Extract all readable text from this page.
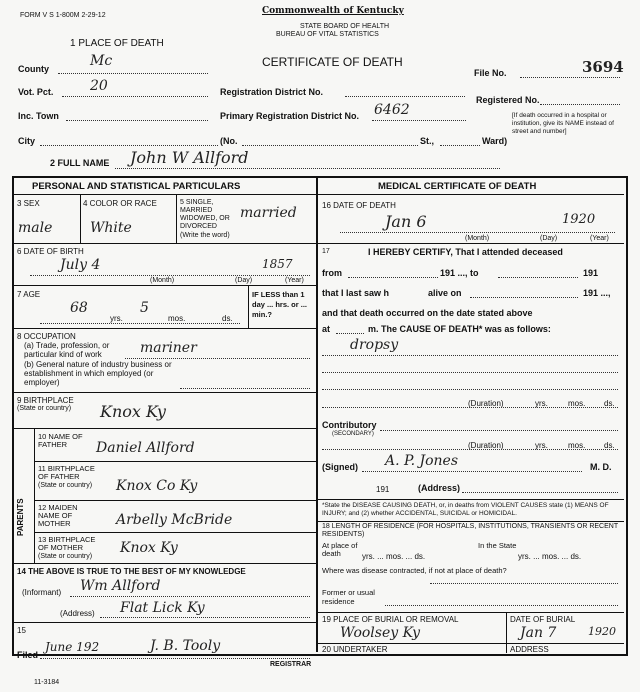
FORM V S 1-800M 2-29-12	Commonwealth of Kentucky
STATE BOARD OF HEALTH
BUREAU OF VITAL STATISTICS
1 PLACE OF DEATH
CERTIFICATE OF DEATH
County	Mc
Vot. Pct.	20	Registration District No.
Inc. Town	Primary Registration District No. 6462
City	(No.	St.,	Ward)
File No.	3694
Registered No.
[If death occurred in a hospital or institution, give its NAME instead of street and number]
2 FULL NAME John W Allford
PERSONAL AND STATISTICAL PARTICULARS	MEDICAL CERTIFICATE OF DEATH
3 SEX
male
4 COLOR OR RACE
White
5 SINGLE, MARRIED WIDOWED, OR DIVORCED
(Write the word)
married
6 DATE OF BIRTH
July 4	1857
(Month)	(Day)	(Year)
7 AGE
68
yrs.
5
mos.	ds.
IF LESS than 1 day ... hrs. or ... min.?
8 OCCUPATION
(a) Trade, profession, or particular kind of work	mariner
(b) General nature of industry business or establishment in which employed (or employer)
9 BIRTHPLACE
(State or country) Knox Ky
PARENTS
10 NAME OF FATHER	Daniel Allford
11 BIRTHPLACE OF FATHER
(State or country) Knox Co Ky
12 MAIDEN NAME OF MOTHER	Arbelly McBride
13 BIRTHPLACE OF MOTHER
(State or country)
Knox Ky
14 THE ABOVE IS TRUE TO THE BEST OF MY KNOWLEDGE
(Informant) Wm Allford
(Address) Flat Lick Ky
15
Filed
June 192	J. B. Tooly
REGISTRAR
11-3184
16 DATE OF DEATH
Jan 6	1920
(Month)	(Day)	(Year)
17	I HEREBY CERTIFY, That I attended deceased
from	191 ..., to	191
that I last saw h	alive on	191 ...,
and that death occurred on the date stated above
at	m. The CAUSE OF DEATH* was as follows:
dropsy
(Duration)	yrs.	mos. ds.
Contributory
(SECONDARY)
(Duration)	yrs.	mos. ds.
(Signed) A. P. Jones	M. D.
191	(Address)
*State the DISEASE CAUSING DEATH, or, in deaths from VIOLENT CAUSES state (1) MEANS OF INJURY; and (2) whether ACCIDENTAL, SUICIDAL or HOMICIDAL.
18 LENGTH OF RESIDENCE (FOR HOSPITALS, INSTITUTIONS, TRANSIENTS OR RECENT RESIDENTS)
At place of death	yrs. ... mos. ... ds.
In the State
yrs. ... mos. ... ds.
Where was disease contracted, if not at place of death?
Former or usual residence
19 PLACE OF BURIAL OR REMOVAL	DATE OF BURIAL
Woolsey Ky	Jan 7	1920
20 UNDERTAKER	ADDRESS
